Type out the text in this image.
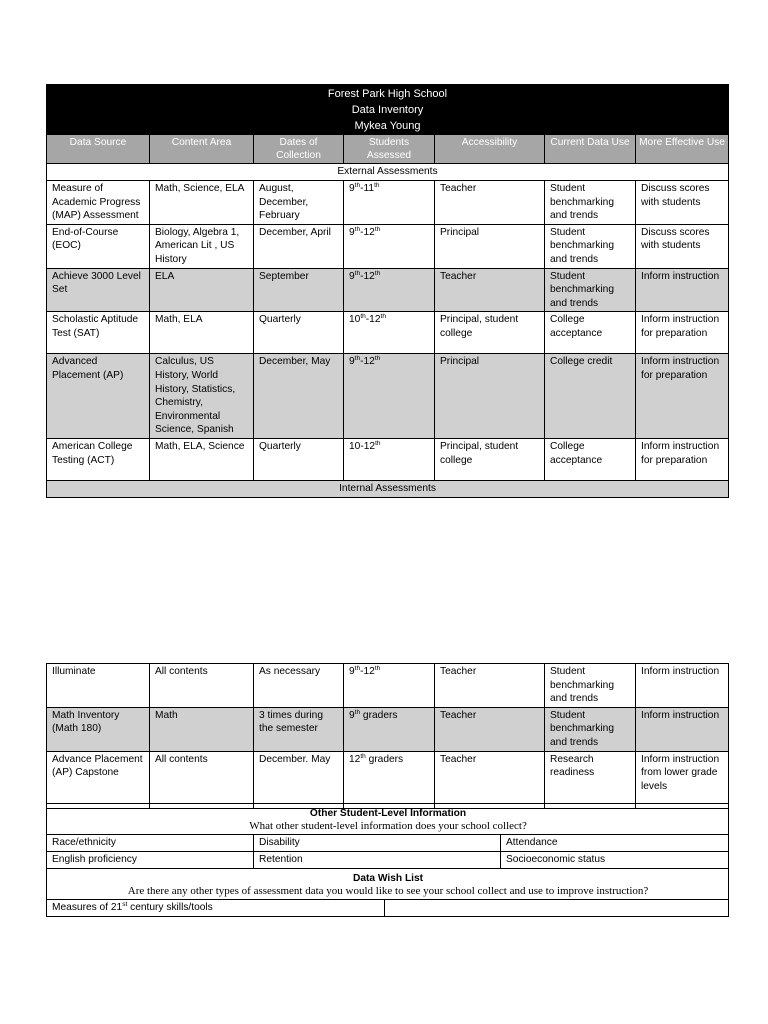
Forest Park High School
Data Inventory
Mykea Young						

Data Source	Content Area	Dates of Collection	Students Assessed	Accessibility	Current Data Use	More Effective Use
External Assessments						
Measure of Academic Progress (MAP) Assessment	Math, Science, ELA	August, December, February	9th-11th	Teacher	Student benchmarking and trends	Discuss scores with students
End-of-Course (EOC)	Biology, Algebra 1, American Lit , US History	December, April	9th-12th	Principal	Student benchmarking and trends	Discuss scores with students
Achieve 3000 Level Set	ELA	September	9th-12th	Teacher	Student benchmarking and trends	Inform instruction
Scholastic Aptitude Test (SAT)	Math, ELA	Quarterly	10th-12th	Principal, student college	College acceptance	Inform instruction for preparation
Advanced Placement (AP)	Calculus, US History, World History, Statistics, Chemistry, Environmental Science, Spanish	December, May	9th-12th	Principal	College credit	Inform instruction for preparation
American College Testing (ACT)	Math, ELA, Science	Quarterly	10-12th	Principal, student college	College acceptance	Inform instruction for preparation
Internal Assessments						
Illuminate	All contents	As necessary	9th-12th	Teacher	Student benchmarking and trends	Inform instruction
Math Inventory (Math 180)	Math	3 times during the semester	9th graders	Teacher	Student benchmarking and trends	Inform instruction
Advance Placement (AP) Capstone	All contents	December. May	12th graders	Teacher	Research readiness	Inform instruction from lower grade levels
Other Student-Level Information
What other student-level information does your school collect?			

Race/ethnicity	Disability		Attendance
English proficiency	Retention		Socioeconomic status

Data Wish List
Are there any other types of assessment data you would like to see your school collect and use to improve instruction?			

Measures of 21st century skills/tools			
